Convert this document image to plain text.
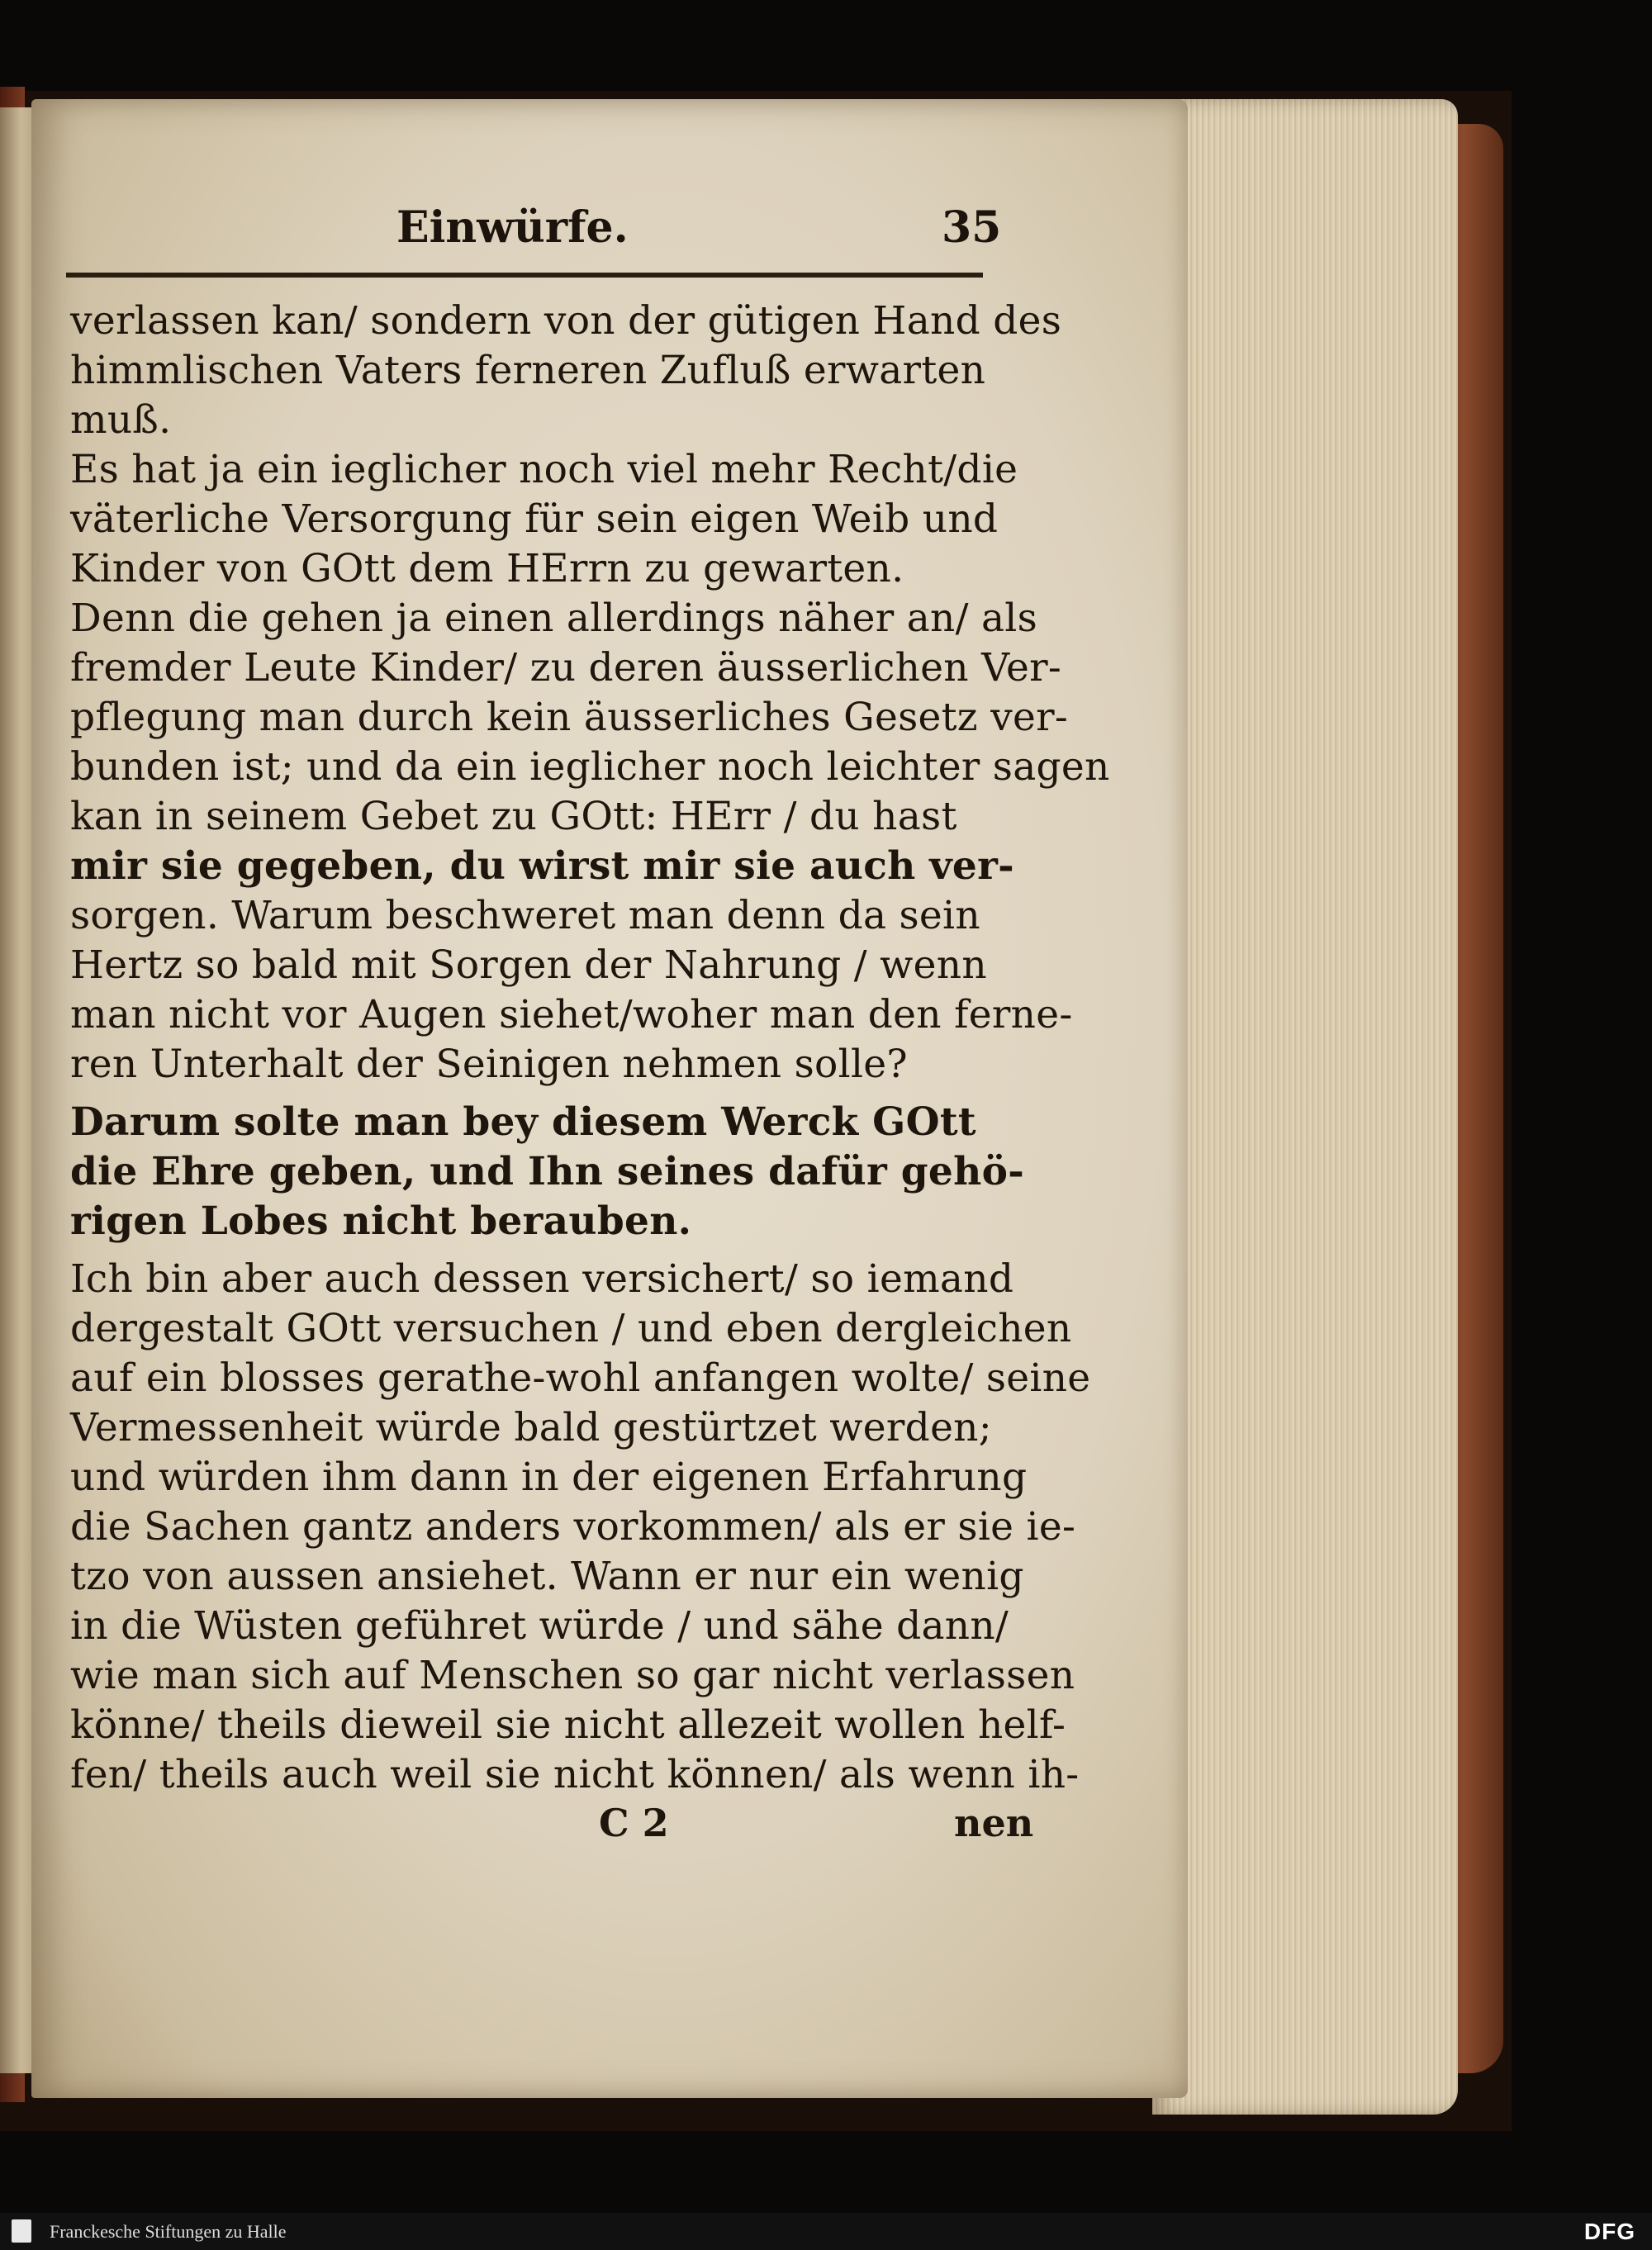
Einwürfe.	35
verlassen kan/ sondern von der gütigen Hand des
himmlischen Vaters ferneren Zufluß erwarten
muß.
Es hat ja ein ieglicher noch viel mehr Recht/die
väterliche Versorgung für sein eigen Weib und
Kinder von GOtt dem HErrn zu gewarten.
Denn die gehen ja einen allerdings näher an/ als
fremder Leute Kinder/ zu deren äusserlichen Ver-
pflegung man durch kein äusserliches Gesetz ver-
bunden ist; und da ein ieglicher noch leichter sagen
kan in seinem Gebet zu GOtt: HErr / du hast
mir sie gegeben, du wirst mir sie auch ver-
sorgen. Warum beschweret man denn da sein
Hertz so bald mit Sorgen der Nahrung / wenn
man nicht vor Augen siehet/woher man den ferne-
ren Unterhalt der Seinigen nehmen solle?
Darum solte man bey diesem Werck GOtt
die Ehre geben, und Ihn seines dafür gehö-
rigen Lobes nicht berauben.
Ich bin aber auch dessen versichert/ so iemand
dergestalt GOtt versuchen / und eben dergleichen
auf ein blosses gerathe-wohl anfangen wolte/ seine
Vermessenheit würde bald gestürtzet werden;
und würden ihm dann in der eigenen Erfahrung
die Sachen gantz anders vorkommen/ als er sie ie-
tzo von aussen ansiehet. Wann er nur ein wenig
in die Wüsten geführet würde / und sähe dann/
wie man sich auf Menschen so gar nicht verlassen
könne/ theils dieweil sie nicht allezeit wollen helf-
fen/ theils auch weil sie nicht können/ als wenn ih-
C 2	nen
Franckesche Stiftungen zu Halle	DFG
